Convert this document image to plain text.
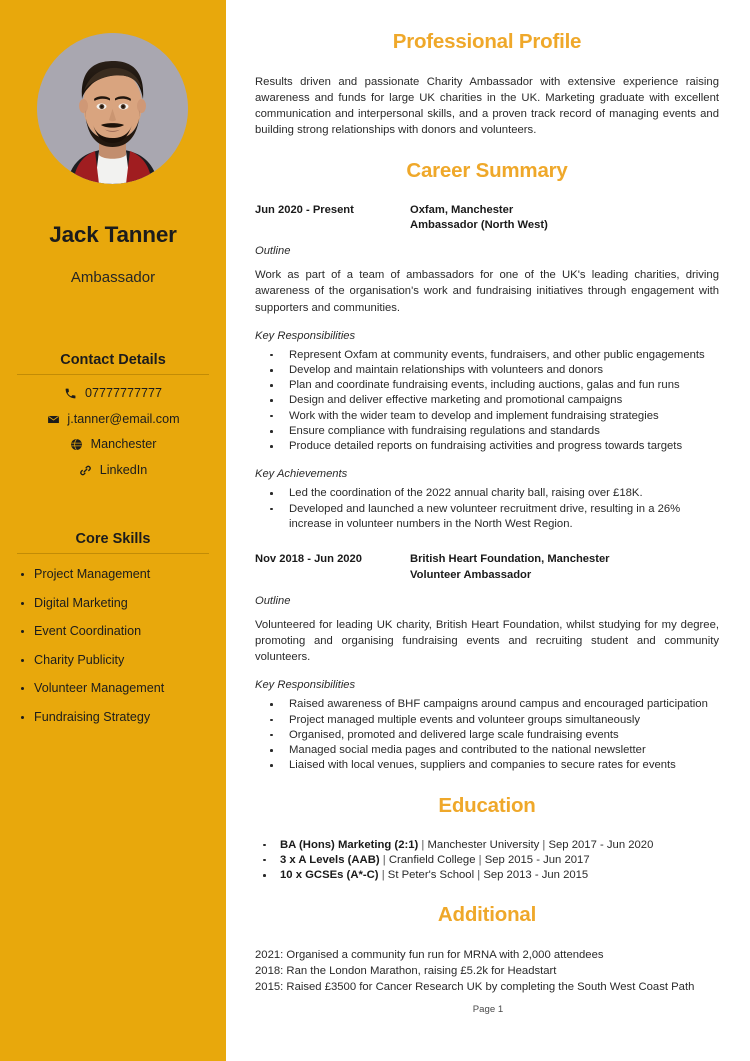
Jack Tanner
Ambassador
Contact Details
07777777777
j.tanner@email.com
Manchester
LinkedIn
Core Skills
Project Management
Digital Marketing
Event Coordination
Charity Publicity
Volunteer Management
Fundraising Strategy
Professional Profile

Results driven and passionate Charity Ambassador with extensive experience raising awareness and funds for large UK charities in the UK. Marketing graduate with excellent communication and interpersonal skills, and a proven track record of managing events and building strong relationships with donors and volunteers.

Career Summary
Jun 2020 - Present	Oxfam, Manchester
Ambassador (North West)

Outline

Work as part of a team of ambassadors for one of the UK's leading charities, driving awareness of the organisation's work and fundraising initiatives through engagement with supporters and communities.

Key Responsibilities

Represent Oxfam at community events, fundraisers, and other public engagements
Develop and maintain relationships with volunteers and donors
Plan and coordinate fundraising events, including auctions, galas and fun runs
Design and deliver effective marketing and promotional campaigns
Work with the wider team to develop and implement fundraising strategies
Ensure compliance with fundraising regulations and standards
Produce detailed reports on fundraising activities and progress towards targets

Key Achievements

Led the coordination of the 2022 annual charity ball, raising over £18K.
Developed and launched a new volunteer recruitment drive, resulting in a 26% increase in volunteer numbers in the North West Region.
Nov 2018 - Jun 2020	British Heart Foundation, Manchester
Volunteer Ambassador

Outline

Volunteered for leading UK charity, British Heart Foundation, whilst studying for my degree, promoting and organising fundraising events and recruiting student and community volunteers.

Key Responsibilities

Raised awareness of BHF campaigns around campus and encouraged participation
Project managed multiple events and volunteer groups simultaneously
Organised, promoted and delivered large scale fundraising events
Managed social media pages and contributed to the national newsletter
Liaised with local venues, suppliers and companies to secure rates for events
Education
BA (Hons) Marketing (2:1) | Manchester University | Sep 2017 - Jun 2020
3 x A Levels (AAB) | Cranfield College | Sep 2015 - Jun 2017
10 x GCSEs (A*-C) | St Peter's School | Sep 2013 - Jun 2015
Additional
2021: Organised a community fun run for MRNA with 2,000 attendees
2018: Ran the London Marathon, raising £5.2k for Headstart
2015: Raised £3500 for Cancer Research UK by completing the South West Coast Path
Page 1
